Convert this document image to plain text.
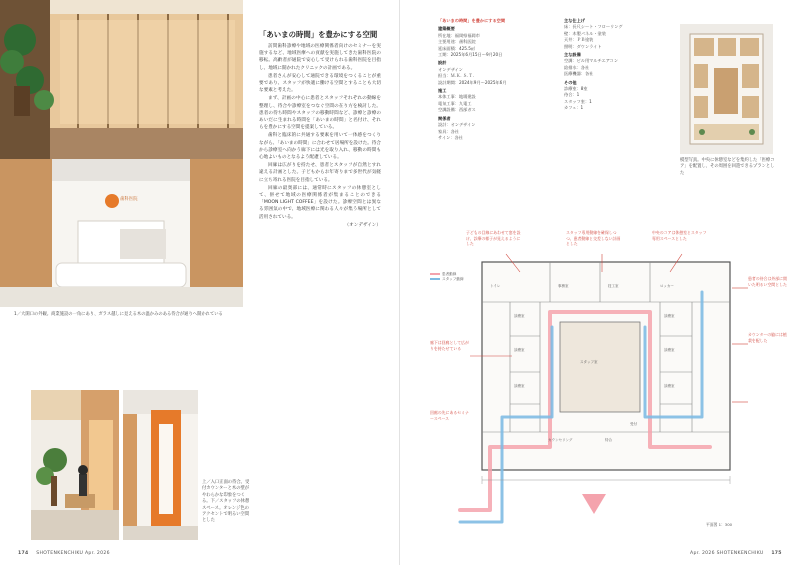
歯科医院
1／大開口の外観。商業施設の一角にあり、ガラス越しに見える木の温かみのある待合が通りへ開かれている
上／入口正面の待合。受付カウンターと木の壁がやわらかな印象をつくる。下／スタッフの休憩スペース。オレンジ色のアクセントで明るい空間とした
「あいまの時間」を豊かにする空間

訪問歯科診療や地域の医療関係者向けのセミナーを実施するなど、地域医療への貢献を実施してきた歯科医院の移転。高齢者が通院で安心して受けられる歯科医院を目指し、地域に開かれたクリニックの計画である。

患者さんが安心して通院できる環境をつくることが重要であり、スタッフが快適に働ける空間とすることも大切な要素と考えた。

まず、計画の中心に患者とスタッフそれぞれの動線を整理し、待合や診療室をつなぐ空間の在り方を検討した。患者の待ち時間やスタッフの移動時間など、診療と診療のあいだに生まれる時間を「あいまの時間」と名付け、それらを豊かにする空間を提案している。

歯科と臨床的に共通する要素を用いて一体感をつくりながら、「あいまの時間」に合わせて居場所を設けた。待合から診療室へ向かう廊下には光を取り入れ、移動の時間も心地よいものとなるよう配慮している。

回廊は広がりを持たせ、患者とスタッフが自然とすれ違える計画とした。子どもからお年寄りまで多世代が気軽に立ち寄れる医院を目指している。

回廊の最奥部には、通常時にスタッフの休憩室として、併せて地域の医療関係者が集まることのできる「MOON LIGHT COFFEE」を設けた。診療空間とは異なる雰囲気の中で、地域医療に関わる人々が集う場所として活用されている。

（オンデザイン）
174 SHOTENKENCHIKU Apr. 2026
「あいまの時間」を豊かにする空間
建築概要
所在地：福岡県福岡市
主要用途：歯科医院
延床面積：425.5㎡
工期：2025年6月15日〜9月20日
設計
オンデザイン
担当：Ｍ.Ｋ. Ｓ.Ｔ.
設計期間：2024年9月〜2025年6月
施工
本体工事：地場建設
電気工事：九電工
空調設備：西部ガス
関係者
設計：オンデザイン
家具：各社
サイン：各社
主な仕上げ
床：長尺シート・フローリング
壁：木製パネル・塗装
天井：ＰＢ塗装
照明：ダウンライト
主な設備
空調：ビル用マルチエアコン
給排水：各社
医療機器：各社
その他
診療室：8室
待合：1
スタッフ室：1
カフェ：1
模型写真。中央に休憩室などを集約した「医療コア」を配置し、その周囲を回遊できるプランとした
診療室
診療室
診療室
診療室
診療室
診療室
スタッフ室
カウンセリング	待合
受付
事務室	技工室	ロッカー
トイレ
患者動線
スタッフ動線
子どもの目線にあわせて窓を設け、診療の様子が見えるようにした
スタッフ専用動線を確保しつつ、患者動線と交差しない計画とした
中央のコアは休憩室とスタッフ専用スペースとした
廊下は回廊として広がりを持たせている
回廊の先にあるセミナースペース
患者の待合は外部に開いた明るい空間とした
カウンターの脇には植栽を配した
平面図 1：300
Apr. 2026 SHOTENKENCHIKU 175
